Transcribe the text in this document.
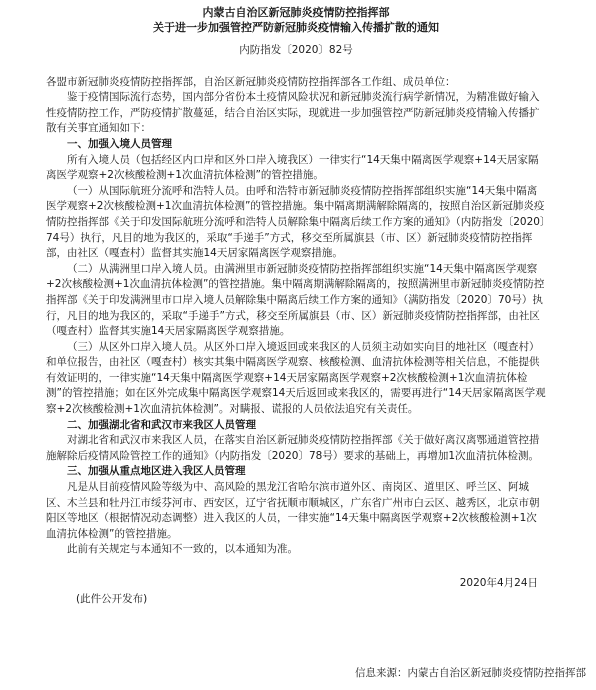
内蒙古自治区新冠肺炎疫情防控指挥部
关于进一步加强管控严防新冠肺炎疫情输入传播扩散的通知
内防指发〔2020〕82号

各盟市新冠肺炎疫情防控指挥部，自治区新冠肺炎疫情防控指挥部各工作组、成员单位：

鉴于疫情国际流行态势，国内部分省份本土疫情风险状况和新冠肺炎流行病学新情况，为精准做好输入性疫情防控工作，严防疫情扩散蔓延，结合自治区实际，现就进一步加强管控严防新冠肺炎疫情输入传播扩散有关事宜通知如下：

一、加强入境人员管理

所有入境人员（包括经区内口岸和区外口岸入境我区）一律实行“14天集中隔离医学观察+14天居家隔离医学观察+2次核酸检测+1次血清抗体检测”的管控措施。

（一）从国际航班分流呼和浩特人员。由呼和浩特市新冠肺炎疫情防控指挥部组织实施“14天集中隔离医学观察+2次核酸检测+1次血清抗体检测”的管控措施。集中隔离期满解除隔离的，按照自治区新冠肺炎疫情防控指挥部《关于印发国际航班分流呼和浩特人员解除集中隔离后续工作方案的通知》（内防指发〔2020〕74号）执行，凡目的地为我区的，采取“手递手”方式，移交至所属旗县（市、区）新冠肺炎疫情防控指挥部，由社区（嘎查村）监督其实施14天居家隔离医学观察措施。

（二）从满洲里口岸入境人员。由满洲里市新冠肺炎疫情防控指挥部组织实施“14天集中隔离医学观察+2次核酸检测+1次血清抗体检测”的管控措施。集中隔离期满解除隔离的，按照满洲里市新冠肺炎疫情防控指挥部《关于印发满洲里市口岸入境人员解除集中隔离后续工作方案的通知》（满防指发〔2020〕70号）执行，凡目的地为我区的，采取“手递手”方式，移交至所属旗县（市、区）新冠肺炎疫情防控指挥部，由社区（嘎查村）监督其实施14天居家隔离医学观察措施。

（三）从区外口岸入境人员。从区外口岸入境返回或来我区的人员须主动如实向目的地社区（嘎查村）和单位报告，由社区（嘎查村）核实其集中隔离医学观察、核酸检测、血清抗体检测等相关信息，不能提供有效证明的，一律实施“14天集中隔离医学观察+14天居家隔离医学观察+2次核酸检测+1次血清抗体检测”的管控措施；如在区外完成集中隔离医学观察14天后返回或来我区的，需要再进行“14天居家隔离医学观察+2次核酸检测+1次血清抗体检测”。对瞒报、谎报的人员依法追究有关责任。

二、加强湖北省和武汉市来我区人员管理

对湖北省和武汉市来我区人员，在落实自治区新冠肺炎疫情防控指挥部《关于做好离汉离鄂通道管控措施解除后疫情风险管控工作的通知》（内防指发〔2020〕78号）要求的基础上，再增加1次血清抗体检测。

三、加强从重点地区进入我区人员管理

凡是从目前疫情风险等级为中、高风险的黑龙江省哈尔滨市道外区、南岗区、道里区、呼兰区、阿城区、木兰县和牡丹江市绥芬河市、西安区，辽宁省抚顺市顺城区，广东省广州市白云区、越秀区，北京市朝阳区等地区（根据情况动态调整）进入我区的人员，一律实施“14天集中隔离医学观察+2次核酸检测+1次血清抗体检测”的管控措施。

此前有关规定与本通知不一致的，以本通知为准。

2020年4月24日
(此件公开发布)
信息来源：内蒙古自治区新冠肺炎疫情防控指挥部
